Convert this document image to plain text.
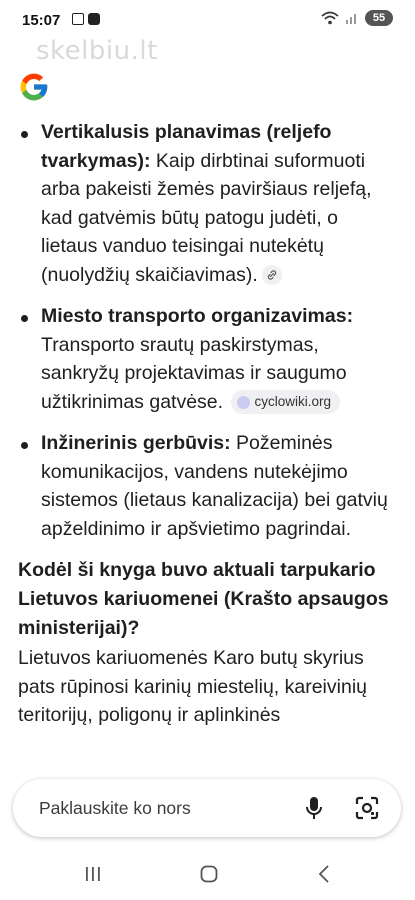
15:07	55
skelbiu.lt

Vertikalusis planavimas (reljefo tvarkymas): Kaip dirbtinai suformuoti arba pakeisti žemės paviršiaus reljefą, kad gatvėmis būtų patogu judėti, o lietaus vanduo teisingai nutekėtų (nuolydžių skaičiavimas).

Miesto transporto organizavimas: Transporto srautų paskirstymas, sankryžų projektavimas ir saugumo užtikrinimas gatvėse. cyclowiki.org

Inžinerinis gerbūvis: Požeminės komunikacijos, vandens nutekėjimo sistemos (lietaus kanalizacija) bei gatvių apželdinimo ir apšvietimo pagrindai.

Kodėl ši knyga buvo aktuali tarpukario Lietuvos kariuomenei (Krašto apsaugos ministerijai)?

Lietuvos kariuomenės Karo butų skyrius pats rūpinosi karinių miestelių, kareivinių teritorijų, poligonų ir aplinkinės

Paklauskite ko nors
